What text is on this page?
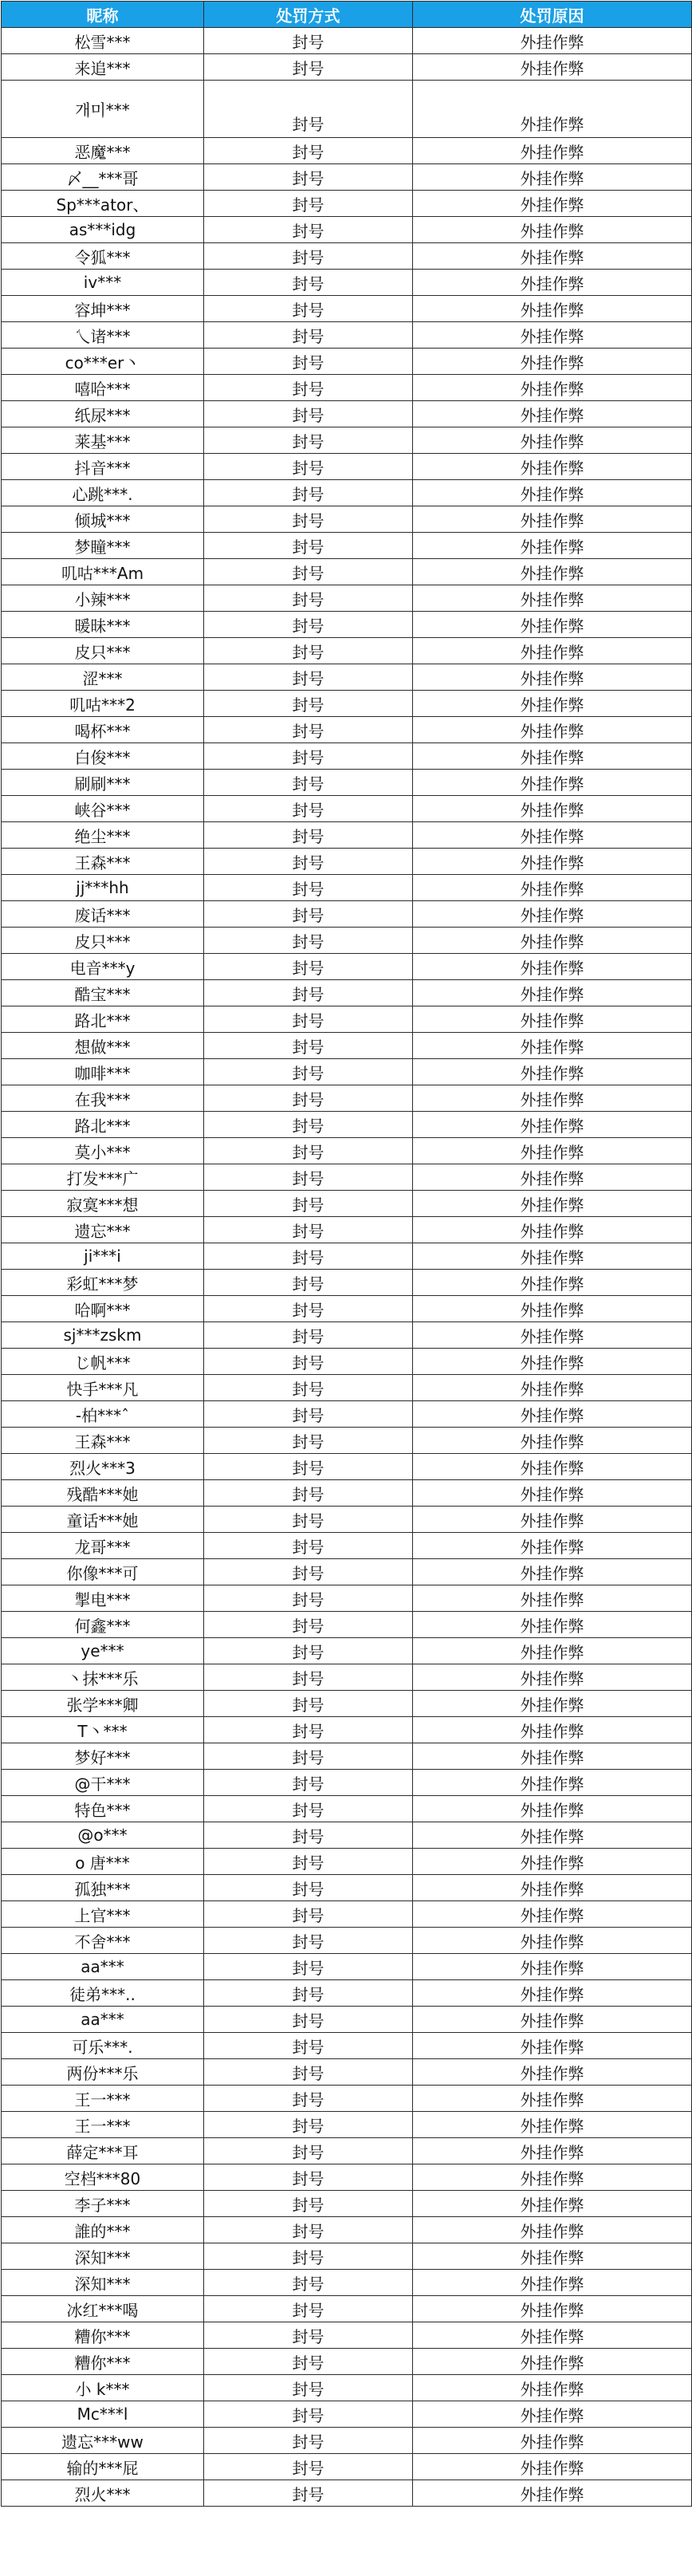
昵称	处罚方式	处罚原因
松雪***	封号	外挂作弊
来追***	封号	外挂作弊
개미***	封号	外挂作弊
恶魔***	封号	外挂作弊
〆__***哥	封号	外挂作弊
Sp***ator、	封号	外挂作弊
as***idg	封号	外挂作弊
令狐***	封号	外挂作弊
iv***	封号	外挂作弊
容坤***	封号	外挂作弊
乀诸***	封号	外挂作弊
co***er丶	封号	外挂作弊
嘻哈***	封号	外挂作弊
纸尿***	封号	外挂作弊
莱基***	封号	外挂作弊
抖音***	封号	外挂作弊
心跳***.	封号	外挂作弊
倾城***	封号	外挂作弊
梦瞳***	封号	外挂作弊
叽咕***Am	封号	外挂作弊
小辣***	封号	外挂作弊
暖昧***	封号	外挂作弊
皮只***	封号	外挂作弊
涩***	封号	外挂作弊
叽咕***2	封号	外挂作弊
喝杯***	封号	外挂作弊
白俊***	封号	外挂作弊
刷刷***	封号	外挂作弊
峡谷***	封号	外挂作弊
绝尘***	封号	外挂作弊
王森***	封号	外挂作弊
jj***hh	封号	外挂作弊
废话***	封号	外挂作弊
皮只***	封号	外挂作弊
电音***y	封号	外挂作弊
酷宝***	封号	外挂作弊
路北***	封号	外挂作弊
想做***	封号	外挂作弊
咖啡***	封号	外挂作弊
在我***	封号	外挂作弊
路北***	封号	外挂作弊
莫小***	封号	外挂作弊
打发***广	封号	外挂作弊
寂寞***想	封号	外挂作弊
遗忘***	封号	外挂作弊
ji***i	封号	外挂作弊
彩虹***梦	封号	外挂作弊
哈啊***	封号	外挂作弊
sj***zskm	封号	外挂作弊
じ帆***	封号	外挂作弊
快手***凡	封号	外挂作弊
-柏***ˆ	封号	外挂作弊
王森***	封号	外挂作弊
烈火***3	封号	外挂作弊
残酷***她	封号	外挂作弊
童话***她	封号	外挂作弊
龙哥***	封号	外挂作弊
你像***可	封号	外挂作弊
掣电***	封号	外挂作弊
何鑫***	封号	外挂作弊
ye***	封号	外挂作弊
丶抹***乐	封号	外挂作弊
张学***卿	封号	外挂作弊
T丶***	封号	外挂作弊
梦好***	封号	外挂作弊
@干***	封号	外挂作弊
特色***	封号	外挂作弊
@o***	封号	外挂作弊
o 唐***	封号	外挂作弊
孤独***	封号	外挂作弊
上官***	封号	外挂作弊
不舍***	封号	外挂作弊
aa***	封号	外挂作弊
徒弟***..	封号	外挂作弊
aa***	封号	外挂作弊
可乐***.	封号	外挂作弊
两份***乐	封号	外挂作弊
王一***	封号	外挂作弊
王一***	封号	外挂作弊
薛定***耳	封号	外挂作弊
空档***80	封号	外挂作弊
李子***	封号	外挂作弊
誰的***	封号	外挂作弊
深知***	封号	外挂作弊
深知***	封号	外挂作弊
冰红***喝	封号	外挂作弊
糟你***	封号	外挂作弊
糟你***	封号	外挂作弊
小 k***	封号	外挂作弊
Mc***l	封号	外挂作弊
遗忘***ww	封号	外挂作弊
输的***屁	封号	外挂作弊
烈火***	封号	外挂作弊
